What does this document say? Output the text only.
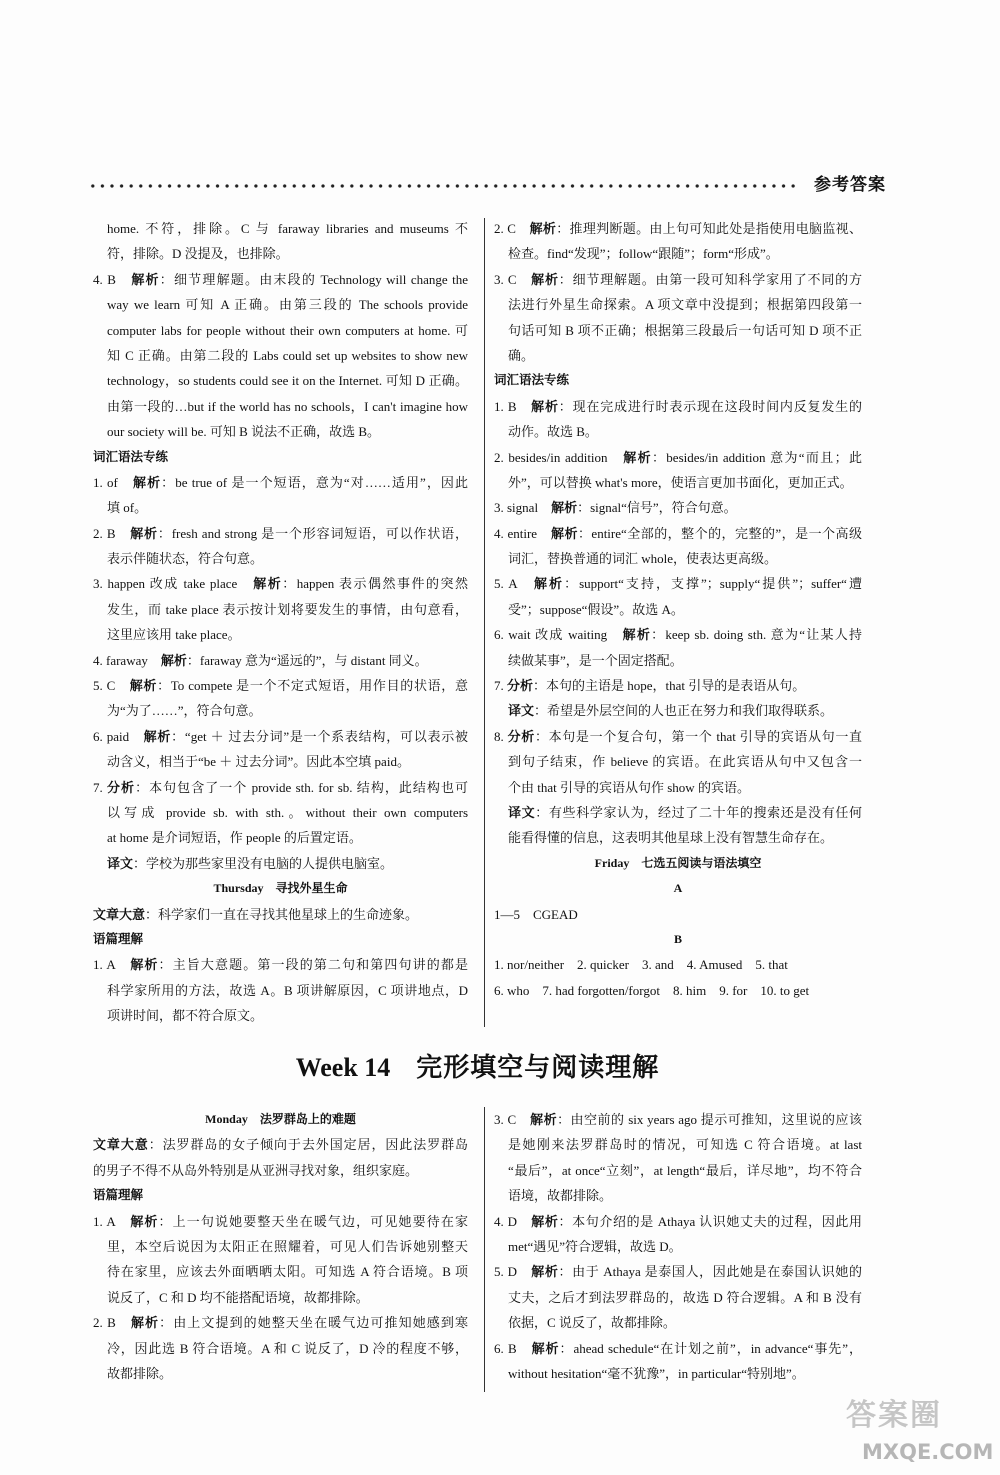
参考答案
home. 不符，排除。C 与 faraway libraries and museums 不
符，排除。D 没提及，也排除。
4. B　解析：细节理解题。由末段的 Technology will change the
way we learn 可知 A 正确。由第三段的 The schools provide
computer labs for people without their own computers at home. 可
知 C 正确。由第二段的 Labs could set up websites to show new
technology，so students could see it on the Internet. 可知 D 正确。
由第一段的…but if the world has no schools，I can't imagine how
our society will be. 可知 B 说法不正确，故选 B。
词汇语法专练
1. of　解析：be true of 是一个短语，意为“对……适用”，因此
填 of。
2. B　解析：fresh and strong 是一个形容词短语，可以作状语，
表示伴随状态，符合句意。
3. happen 改成 take place　解析：happen 表示偶然事件的突然
发生，而 take place 表示按计划将要发生的事情，由句意看，
这里应该用 take place。
4. faraway　解析：faraway 意为“遥远的”，与 distant 同义。
5. C　解析：To compete 是一个不定式短语，用作目的状语，意
为“为了……”，符合句意。
6. paid　解析：“get ＋ 过去分词”是一个系表结构，可以表示被
动含义，相当于“be ＋ 过去分词”。因此本空填 paid。
7. 分析：本句包含了一个 provide sth. for sb. 结构，此结构也可
以写成 provide sb. with sth.。without their own computers
at home 是介词短语，作 people 的后置定语。
译文：学校为那些家里没有电脑的人提供电脑室。
Thursday　寻找外星生命
文章大意：科学家们一直在寻找其他星球上的生命迹象。
语篇理解
1. A　解析：主旨大意题。第一段的第二句和第四句讲的都是
科学家所用的方法，故选 A。B 项讲解原因，C 项讲地点，D
项讲时间，都不符合原文。
2. C　解析：推理判断题。由上句可知此处是指使用电脑监视、
检查。find“发现”；follow“跟随”；form“形成”。
3. C　解析：细节理解题。由第一段可知科学家用了不同的方
法进行外星生命探索。A 项文章中没提到；根据第四段第一
句话可知 B 项不正确；根据第三段最后一句话可知 D 项不正
确。
词汇语法专练
1. B　解析：现在完成进行时表示现在这段时间内反复发生的
动作。故选 B。
2. besides/in addition　解析：besides/in addition 意为“而且；此
外”，可以替换 what's more，使语言更加书面化，更加正式。
3. signal　解析：signal“信号”，符合句意。
4. entire　解析：entire“全部的，整个的，完整的”，是一个高级
词汇，替换普通的词汇 whole，使表达更高级。
5. A　解析：support“支持，支撑”；supply“提供”；suffer“遭
受”；suppose“假设”。故选 A。
6. wait 改成 waiting　解析：keep sb. doing sth. 意为“让某人持
续做某事”，是一个固定搭配。
7. 分析：本句的主语是 hope，that 引导的是表语从句。
译文：希望是外层空间的人也正在努力和我们取得联系。
8. 分析：本句是一个复合句，第一个 that 引导的宾语从句一直
到句子结束，作 believe 的宾语。在此宾语从句中又包含一
个由 that 引导的宾语从句作 show 的宾语。
译文：有些科学家认为，经过了二十年的搜索还是没有任何
能看得懂的信息，这表明其他星球上没有智慧生命存在。
Friday　七选五阅读与语法填空
A
1—5　CGEAD
B
1. nor/neither　2. quicker　3. and　4. Amused　5. that
6. who　7. had forgotten/forgot　8. him　9. for　10. to get
Week 14 完形填空与阅读理解
Monday　法罗群岛上的难题
文章大意：法罗群岛的女子倾向于去外国定居，因此法罗群岛
的男子不得不从岛外特别是从亚洲寻找对象，组织家庭。
语篇理解
1. A　解析：上一句说她要整天坐在暖气边，可见她要待在家
里，本空后说因为太阳正在照耀着，可见人们告诉她别整天
待在家里，应该去外面晒晒太阳。可知选 A 符合语境。B 项
说反了，C 和 D 均不能搭配语境，故都排除。
2. B　解析：由上文提到的她整天坐在暖气边可推知她感到寒
冷，因此选 B 符合语境。A 和 C 说反了，D 冷的程度不够，
故都排除。
3. C　解析：由空前的 six years ago 提示可推知，这里说的应该
是她刚来法罗群岛时的情况，可知选 C 符合语境。at last
“最后”，at once“立刻”，at length“最后，详尽地”，均不符合
语境，故都排除。
4. D　解析：本句介绍的是 Athaya 认识她丈夫的过程，因此用
met“遇见”符合逻辑，故选 D。
5. D　解析：由于 Athaya 是泰国人，因此她是在泰国认识她的
丈夫，之后才到法罗群岛的，故选 D 符合逻辑。A 和 B 没有
依据，C 说反了，故都排除。
6. B　解析：ahead schedule“在计划之前”，in advance“事先”，
without hesitation“毫不犹豫”，in particular“特别地”。
答案圈
MXQE.COM
